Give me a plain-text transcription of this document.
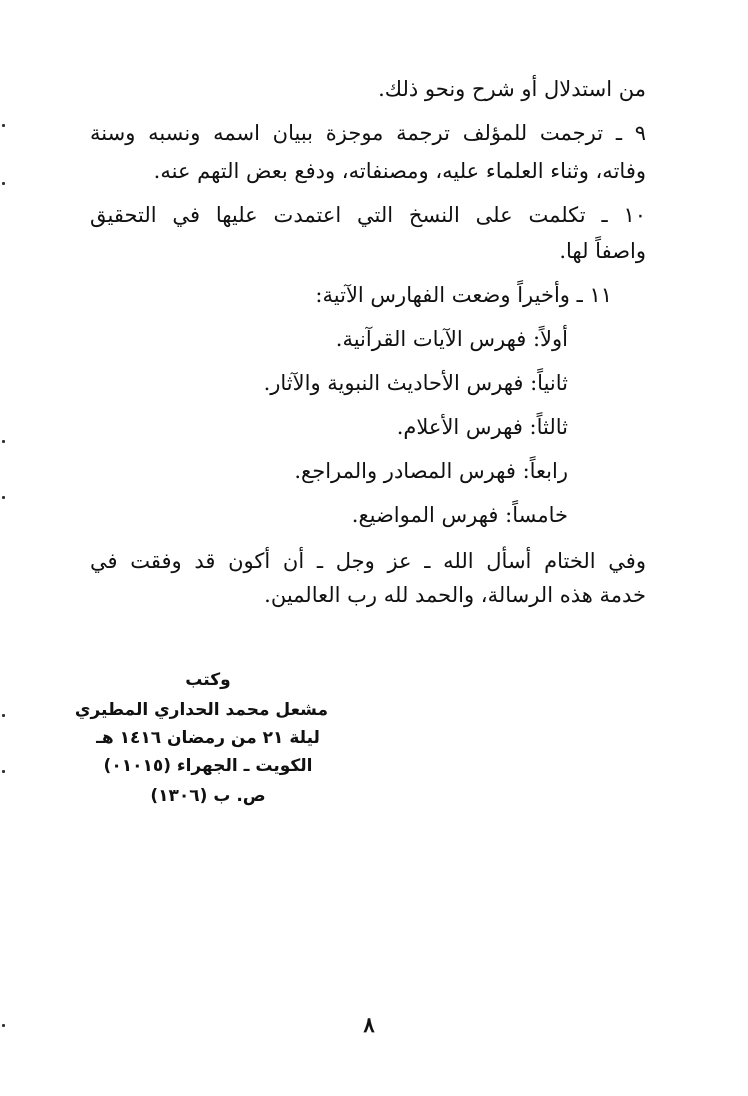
من استدلال أو شرح ونحو ذلك.
٩ ـ ترجمت للمؤلف ترجمة موجزة ببيان اسمه ونسبه وسنة
وفاته، وثناء العلماء عليه، ومصنفاته، ودفع بعض التهم عنه.
١٠ ـ تكلمت على النسخ التي اعتمدت عليها في التحقيق
واصفاً لها.
١١ ـ وأخيراً وضعت الفهارس الآتية:
أولاً: فهرس الآيات القرآنية.
ثانياً: فهرس الأحاديث النبوية والآثار.
ثالثاً: فهرس الأعلام.
رابعاً: فهرس المصادر والمراجع.
خامساً: فهرس المواضيع.
وفي الختام أسأل الله ـ عز وجل ـ أن أكون قد وفقت في
خدمة هذه الرسالة، والحمد لله رب العالمين.
وكتب
مشعل محمد الحداري المطيري
ليلة ٢١ من رمضان ١٤١٦ هـ
الكويت ـ الجهراء (٠١٠١٥)
ص. ب (١٣٠٦)
٨
